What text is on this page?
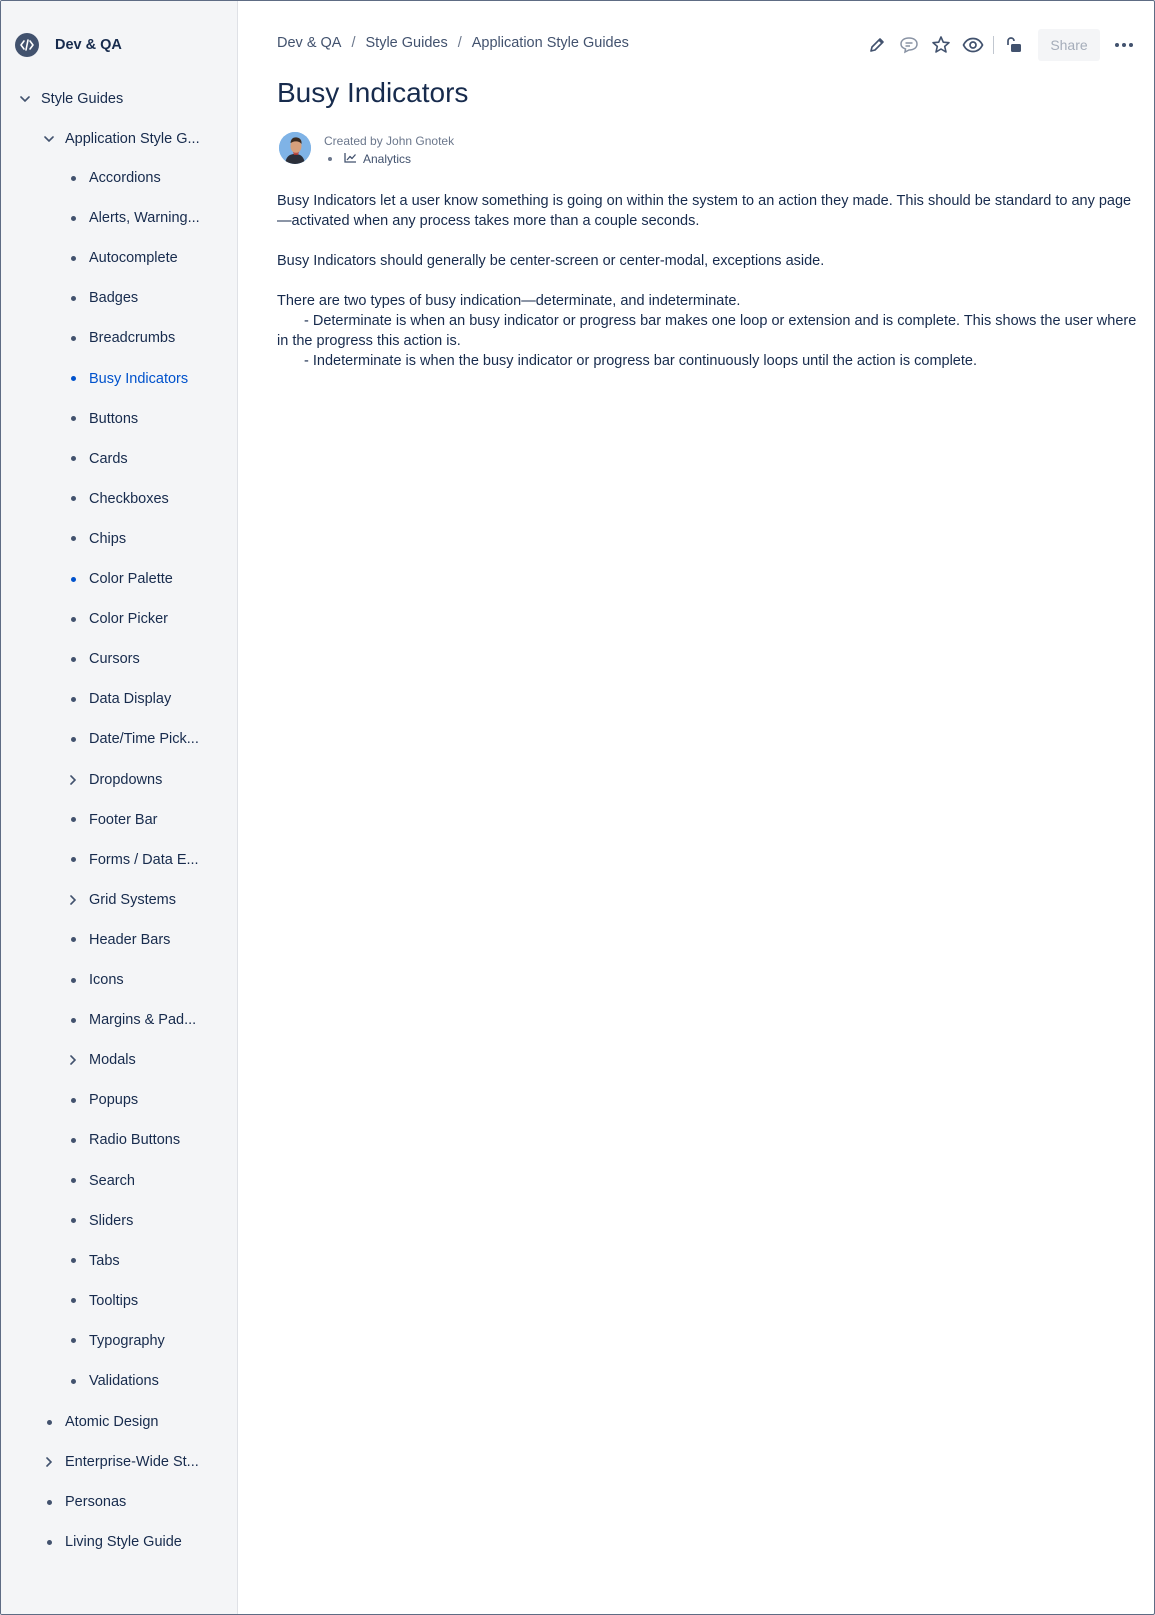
Dev & QA
Style Guides
Application Style G...
Accordions
Alerts, Warning...
Autocomplete
Badges
Breadcrumbs
Busy Indicators
Buttons
Cards
Checkboxes
Chips
Color Palette
Color Picker
Cursors
Data Display
Date/Time Pick...
Dropdowns
Footer Bar
Forms / Data E...
Grid Systems
Header Bars
Icons
Margins & Pad...
Modals
Popups
Radio Buttons
Search
Sliders
Tabs
Tooltips
Typography
Validations
Atomic Design
Enterprise-Wide St...
Personas
Living Style Guide
Dev & QA / Style Guides / Application Style Guides	Share
Busy Indicators
Created by John Gnotek
Analytics

Busy Indicators let a user know something is going on within the system to an action they made. This should be standard to any page—activated when any process takes more than a couple seconds.

Busy Indicators should generally be center-screen or center-modal, exceptions aside.

There are two types of busy indication—determinate, and indeterminate.
- Determinate is when an busy indicator or progress bar makes one loop or extension and is complete. This shows the user where in the progress this action is.
- Indeterminate is when the busy indicator or progress bar continuously loops until the action is complete.
